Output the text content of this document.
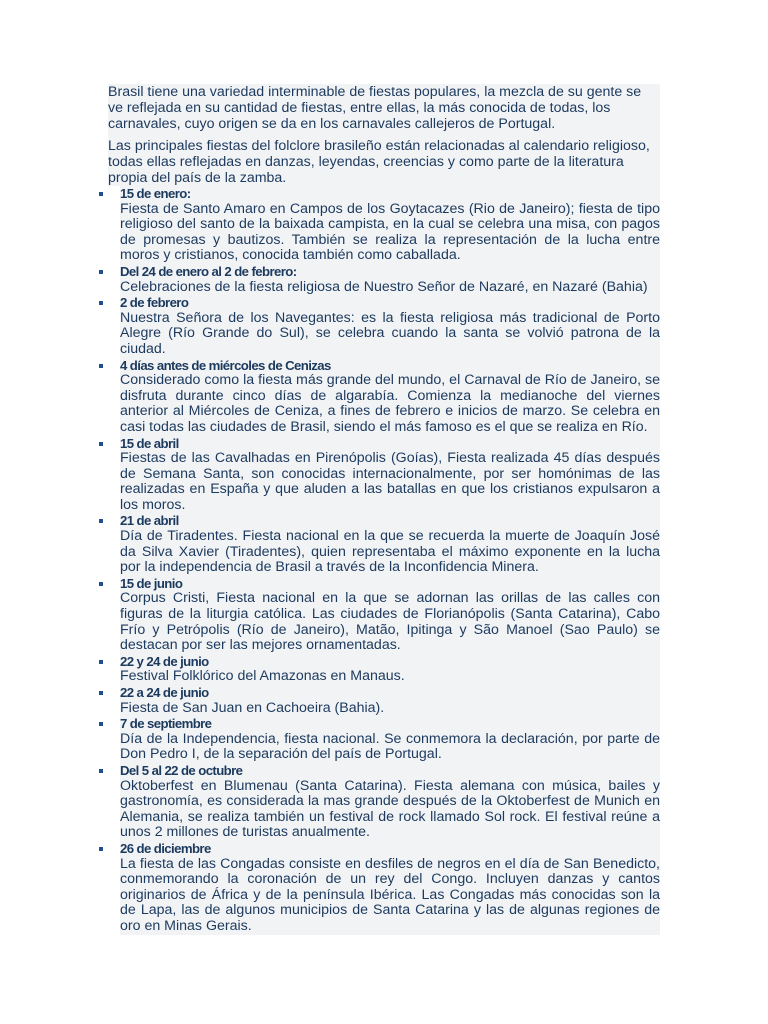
Brasil tiene una variedad interminable de fiestas populares, la mezcla de su gente se ve reflejada en su cantidad de fiestas, entre ellas, la más conocida de todas, los carnavales, cuyo origen se da en los carnavales callejeros de Portugal.

Las principales fiestas del folclore brasileño están relacionadas al calendario religioso, todas ellas reflejadas en danzas, leyendas, creencias y como parte de la literatura propia del país de la zamba.

15 de enero:
Fiesta de Santo Amaro en Campos de los Goytacazes (Rio de Janeiro); fiesta de tipo religioso del santo de la baixada campista, en la cual se celebra una misa, con pagos de promesas y bautizos. También se realiza la representación de la lucha entre moros y cristianos, conocida también como caballada.
Del 24 de enero al 2 de febrero:
Celebraciones de la fiesta religiosa de Nuestro Señor de Nazaré, en Nazaré (Bahia)
2 de febrero
Nuestra Señora de los Navegantes: es la fiesta religiosa más tradicional de Porto Alegre (Río Grande do Sul), se celebra cuando la santa se volvió patrona de la ciudad.
4 días antes de miércoles de Cenizas
Considerado como la fiesta más grande del mundo, el Carnaval de Río de Janeiro, se disfruta durante cinco días de algarabía. Comienza la medianoche del viernes anterior al Miércoles de Ceniza, a fines de febrero e inicios de marzo. Se celebra en casi todas las ciudades de Brasil, siendo el más famoso es el que se realiza en Río.
15 de abril
Fiestas de las Cavalhadas en Pirenópolis (Goías), Fiesta realizada 45 días después de Semana Santa, son conocidas internacionalmente, por ser homónimas de las realizadas en España y que aluden a las batallas en que los cristianos expulsaron a los moros.
21 de abril
Día de Tiradentes. Fiesta nacional en la que se recuerda la muerte de Joaquín José da Silva Xavier (Tiradentes), quien representaba el máximo exponente en la lucha por la independencia de Brasil a través de la Inconfidencia Minera.
15 de junio
Corpus Cristi, Fiesta nacional en la que se adornan las orillas de las calles con figuras de la liturgia católica. Las ciudades de Florianópolis (Santa Catarina), Cabo Frío y Petrópolis (Río de Janeiro), Matão, Ipitinga y São Manoel (Sao Paulo) se destacan por ser las mejores ornamentadas.
22 y 24 de junio
Festival Folklórico del Amazonas en Manaus.
22 a 24 de junio
Fiesta de San Juan en Cachoeira (Bahia).
7 de septiembre
Día de la Independencia, fiesta nacional. Se conmemora la declaración, por parte de Don Pedro I, de la separación del país de Portugal.
Del 5 al 22 de octubre
Oktoberfest en Blumenau (Santa Catarina). Fiesta alemana con música, bailes y gastronomía, es considerada la mas grande después de la Oktoberfest de Munich en Alemania, se realiza también un festival de rock llamado Sol rock. El festival reúne a unos 2 millones de turistas anualmente.
26 de diciembre
La fiesta de las Congadas consiste en desfiles de negros en el día de San Benedicto, conmemorando la coronación de un rey del Congo. Incluyen danzas y cantos originarios de África y de la península Ibérica. Las Congadas más conocidas son la de Lapa, las de algunos municipios de Santa Catarina y las de algunas regiones de oro en Minas Gerais.
